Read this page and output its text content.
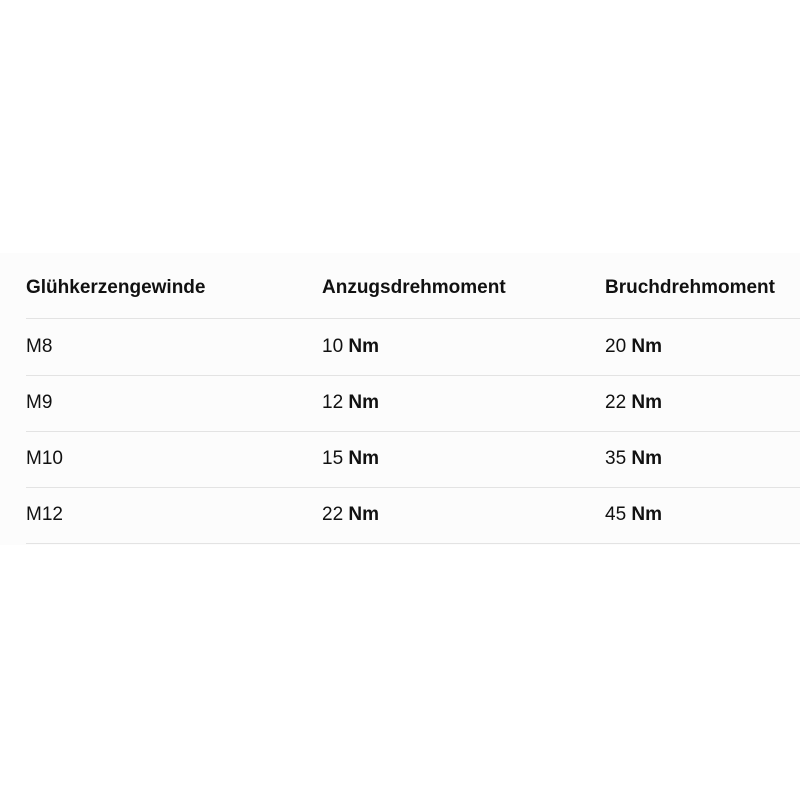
Glühkerzengewinde	Anzugsdrehmoment	Bruchdrehmoment
M8	10 Nm	20 Nm
M9	12 Nm	22 Nm
M10	15 Nm	35 Nm
M12	22 Nm	45 Nm
